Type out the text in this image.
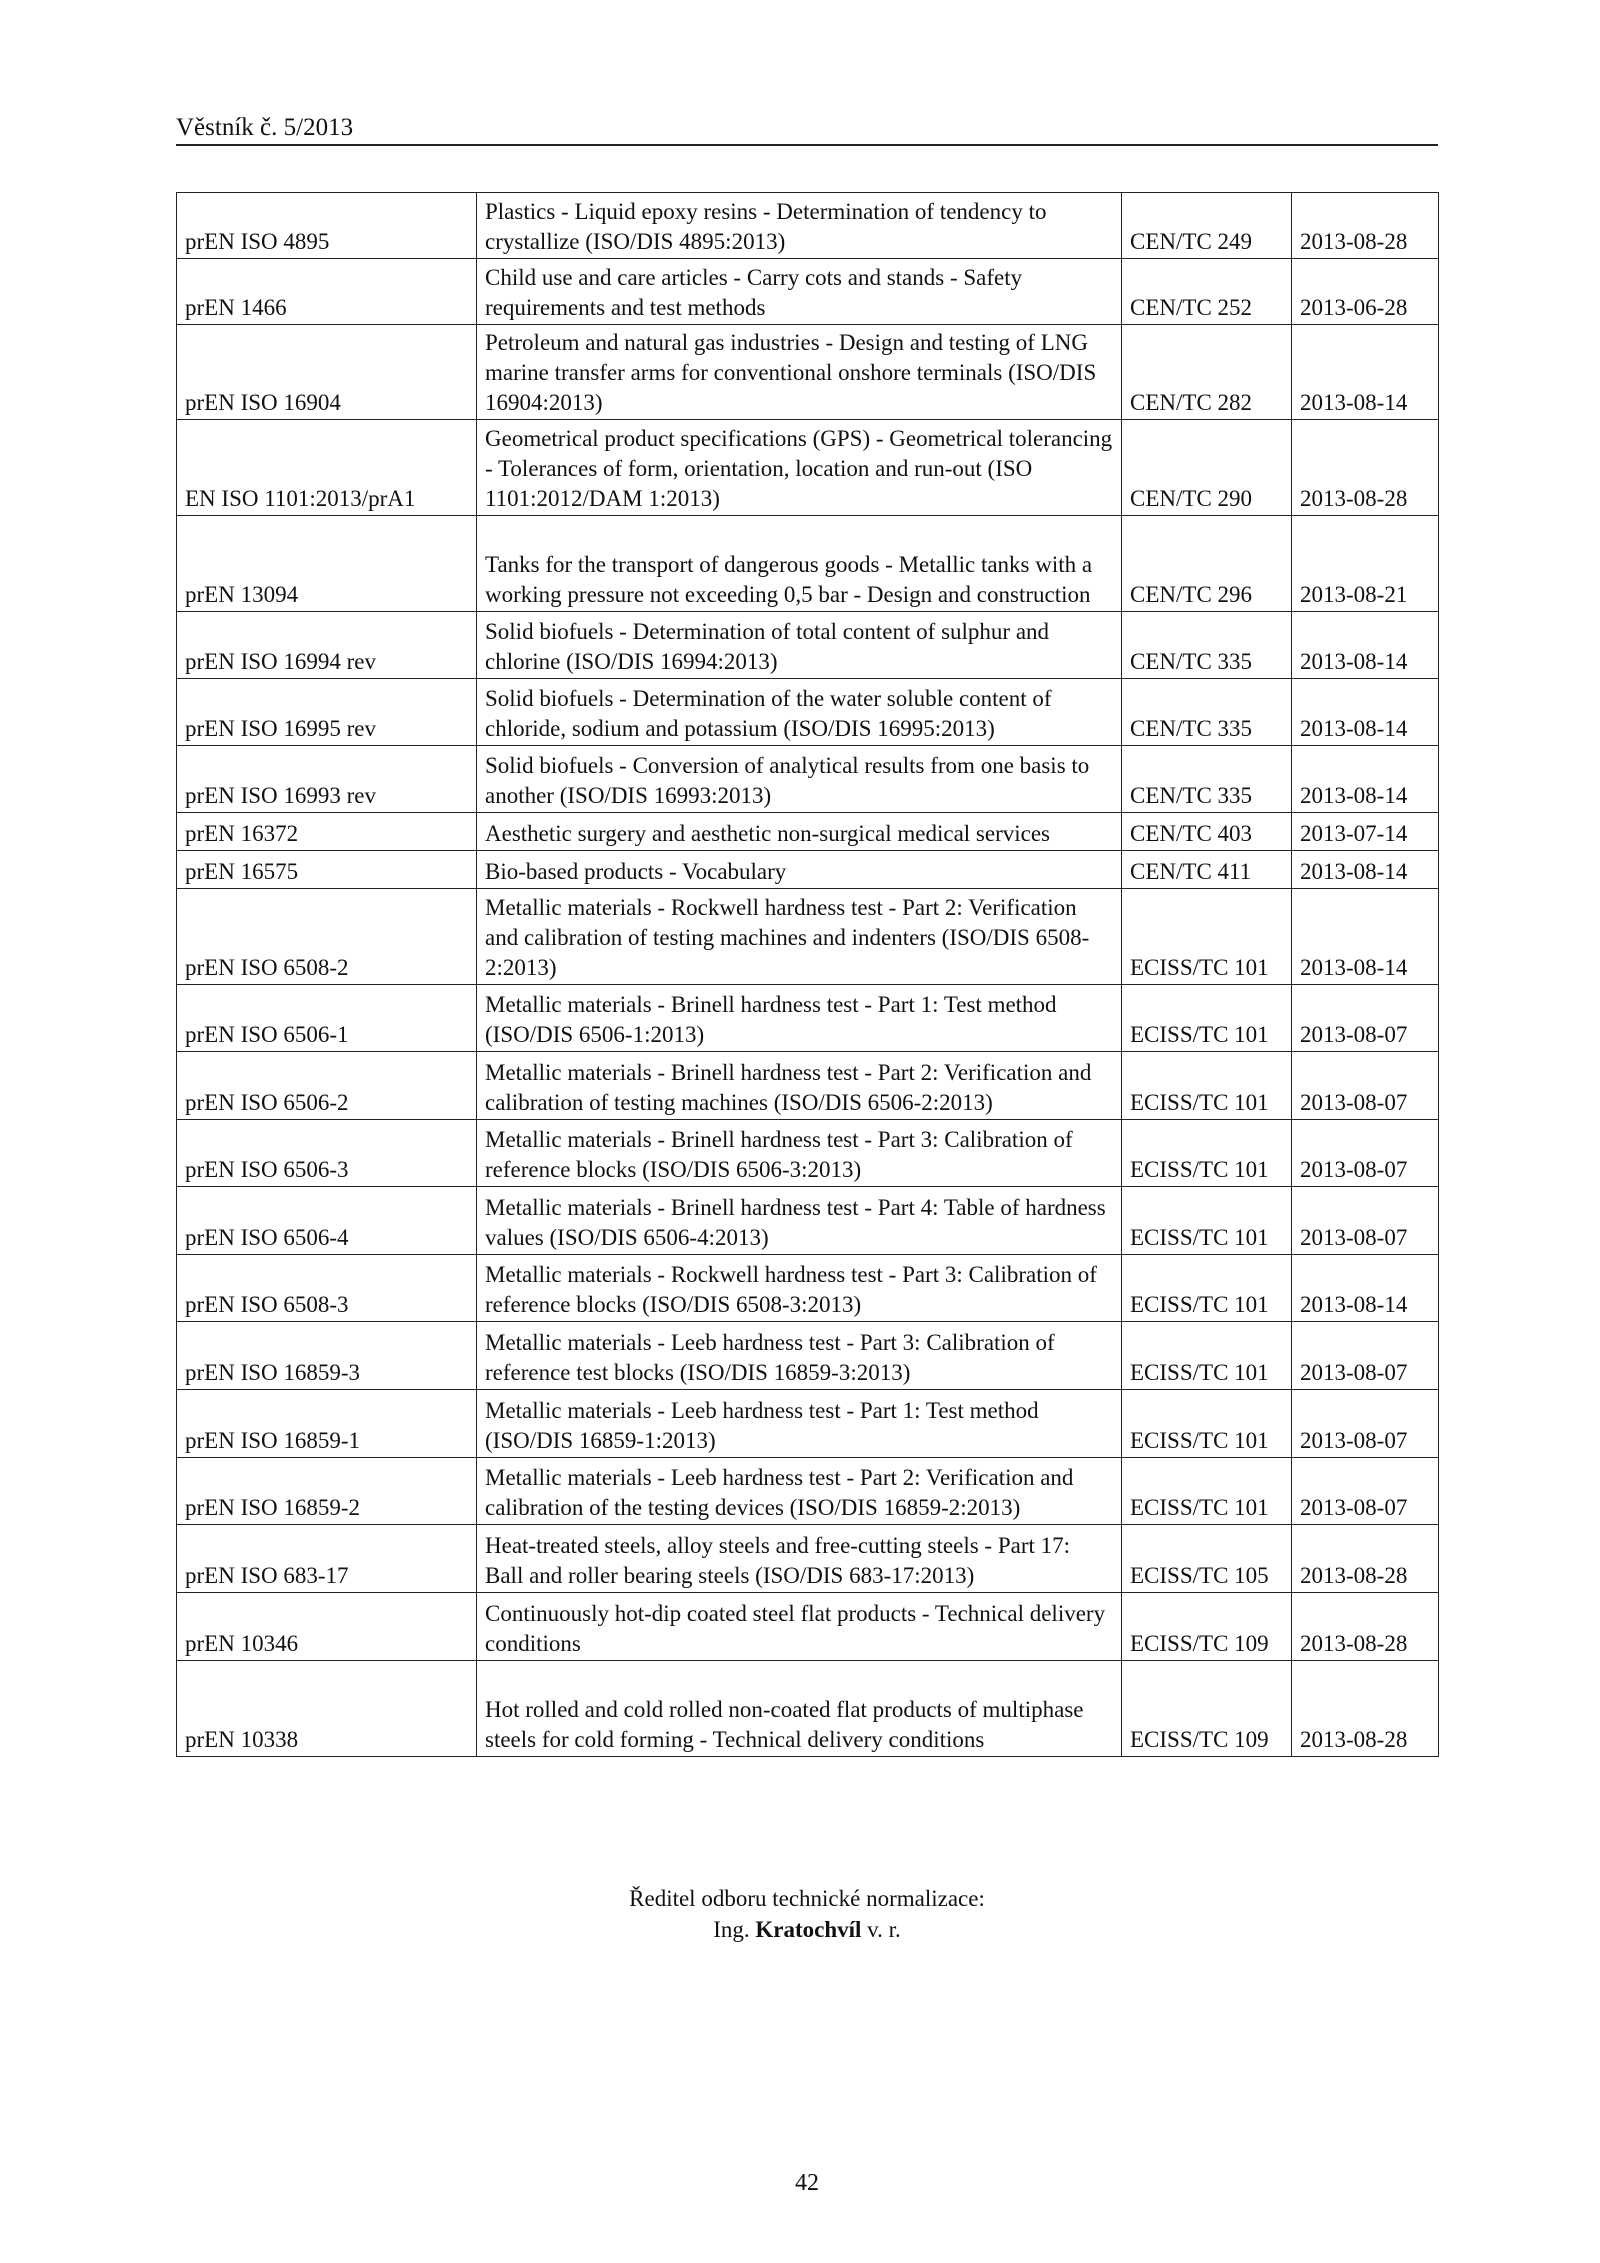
Věstník č. 5/2013
prEN ISO 4895	Plastics - Liquid epoxy resins - Determination of tendency to crystallize (ISO/DIS 4895:2013)	CEN/TC 249	2013-08-28
prEN 1466	Child use and care articles - Carry cots and stands - Safety requirements and test methods	CEN/TC 252	2013-06-28
prEN ISO 16904	Petroleum and natural gas industries - Design and testing of LNG marine transfer arms for conventional onshore terminals (ISO/DIS 16904:2013)	CEN/TC 282	2013-08-14
EN ISO 1101:2013/prA1	Geometrical product specifications (GPS) - Geometrical tolerancing - Tolerances of form, orientation, location and run-out (ISO 1101:2012/DAM 1:2013)	CEN/TC 290	2013-08-28
prEN 13094	Tanks for the transport of dangerous goods - Metallic tanks with a working pressure not exceeding 0,5 bar - Design and construction	CEN/TC 296	2013-08-21
prEN ISO 16994 rev	Solid biofuels - Determination of total content of sulphur and chlorine (ISO/DIS 16994:2013)	CEN/TC 335	2013-08-14
prEN ISO 16995 rev	Solid biofuels - Determination of the water soluble content of chloride, sodium and potassium (ISO/DIS 16995:2013)	CEN/TC 335	2013-08-14
prEN ISO 16993 rev	Solid biofuels - Conversion of analytical results from one basis to another (ISO/DIS 16993:2013)	CEN/TC 335	2013-08-14
prEN 16372	Aesthetic surgery and aesthetic non-surgical medical services	CEN/TC 403	2013-07-14
prEN 16575	Bio-based products - Vocabulary	CEN/TC 411	2013-08-14
prEN ISO 6508-2	Metallic materials - Rockwell hardness test - Part 2: Verification and calibration of testing machines and indenters (ISO/DIS 6508-2:2013)	ECISS/TC 101	2013-08-14
prEN ISO 6506-1	Metallic materials - Brinell hardness test - Part 1: Test method (ISO/DIS 6506-1:2013)	ECISS/TC 101	2013-08-07
prEN ISO 6506-2	Metallic materials - Brinell hardness test - Part 2: Verification and calibration of testing machines (ISO/DIS 6506-2:2013)	ECISS/TC 101	2013-08-07
prEN ISO 6506-3	Metallic materials - Brinell hardness test - Part 3: Calibration of reference blocks (ISO/DIS 6506-3:2013)	ECISS/TC 101	2013-08-07
prEN ISO 6506-4	Metallic materials - Brinell hardness test - Part 4: Table of hardness values (ISO/DIS 6506-4:2013)	ECISS/TC 101	2013-08-07
prEN ISO 6508-3	Metallic materials - Rockwell hardness test - Part 3: Calibration of reference blocks (ISO/DIS 6508-3:2013)	ECISS/TC 101	2013-08-14
prEN ISO 16859-3	Metallic materials - Leeb hardness test - Part 3: Calibration of reference test blocks (ISO/DIS 16859-3:2013)	ECISS/TC 101	2013-08-07
prEN ISO 16859-1	Metallic materials - Leeb hardness test - Part 1: Test method (ISO/DIS 16859-1:2013)	ECISS/TC 101	2013-08-07
prEN ISO 16859-2	Metallic materials - Leeb hardness test - Part 2: Verification and calibration of the testing devices (ISO/DIS 16859-2:2013)	ECISS/TC 101	2013-08-07
prEN ISO 683-17	Heat-treated steels, alloy steels and free-cutting steels - Part 17: Ball and roller bearing steels (ISO/DIS 683-17:2013)	ECISS/TC 105	2013-08-28
prEN 10346	Continuously hot-dip coated steel flat products - Technical delivery conditions	ECISS/TC 109	2013-08-28
prEN 10338	Hot rolled and cold rolled non-coated flat products of multiphase steels for cold forming - Technical delivery conditions	ECISS/TC 109	2013-08-28
Ředitel odboru technické normalizace:
Ing. Kratochvíl v. r.
42
